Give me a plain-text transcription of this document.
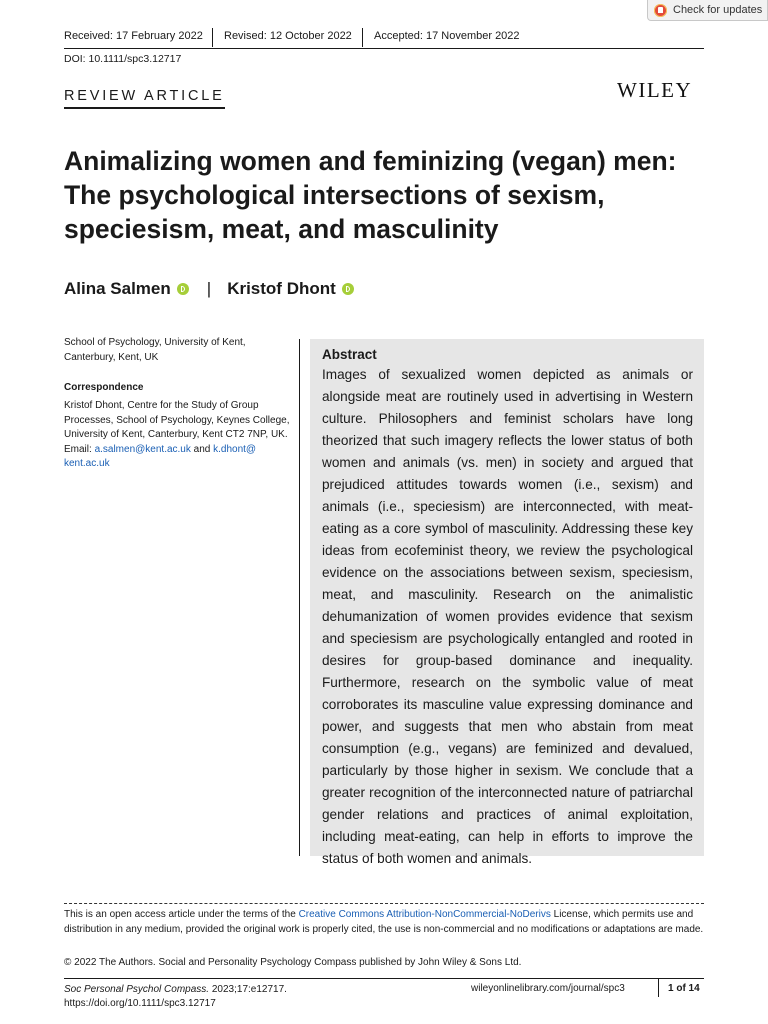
Check for updates
Received: 17 February 2022 Revised: 12 October 2022 Accepted: 17 November 2022
DOI: 10.1111/spc3.12717
REVIEW ARTICLE	WILEY
Animalizing women and feminizing (vegan) men: The psychological intersections of sexism, speciesism, meat, and masculinity
Alina Salmen | Kristof Dhont
School of Psychology, University of Kent, Canterbury, Kent, UK
Correspondence
Kristof Dhont, Centre for the Study of Group Processes, School of Psychology, Keynes College, University of Kent, Canterbury, Kent CT2 7NP, UK.
Email: a.salmen@kent.ac.uk and k.dhont@
kent.ac.uk
Abstract
Images of sexualized women depicted as animals or alongside meat are routinely used in advertising in Western culture. Philosophers and feminist scholars have long theorized that such imagery reflects the lower status of both women and animals (vs. men) in society and argued that prejudiced attitudes towards women (i.e., sexism) and animals (i.e., speciesism) are interconnected, with meat-eating as a core symbol of masculinity. Addressing these key ideas from ecofeminist theory, we review the psychological evidence on the associations between sexism, speciesism, meat, and masculinity. Research on the animalistic dehumanization of women provides evidence that sexism and speciesism are psychologically entangled and rooted in desires for group-based dominance and inequality. Furthermore, research on the symbolic value of meat corroborates its masculine value expressing dominance and power, and suggests that men who abstain from meat consumption (e.g., vegans) are feminized and devalued, particularly by those higher in sexism. We conclude that a greater recognition of the interconnected nature of patriarchal gender relations and practices of animal exploitation, including meat-eating, can help in efforts to improve the status of both women and animals.
This is an open access article under the terms of the Creative Commons Attribution-NonCommercial-NoDerivs License, which permits use and distribution in any medium, provided the original work is properly cited, the use is non-commercial and no modifications or adaptations are made.
© 2022 The Authors. Social and Personality Psychology Compass published by John Wiley & Sons Ltd.
Soc Personal Psychol Compass. 2023;17:e12717.
https://doi.org/10.1111/spc3.12717
wileyonlinelibrary.com/journal/spc3	1 of 14
